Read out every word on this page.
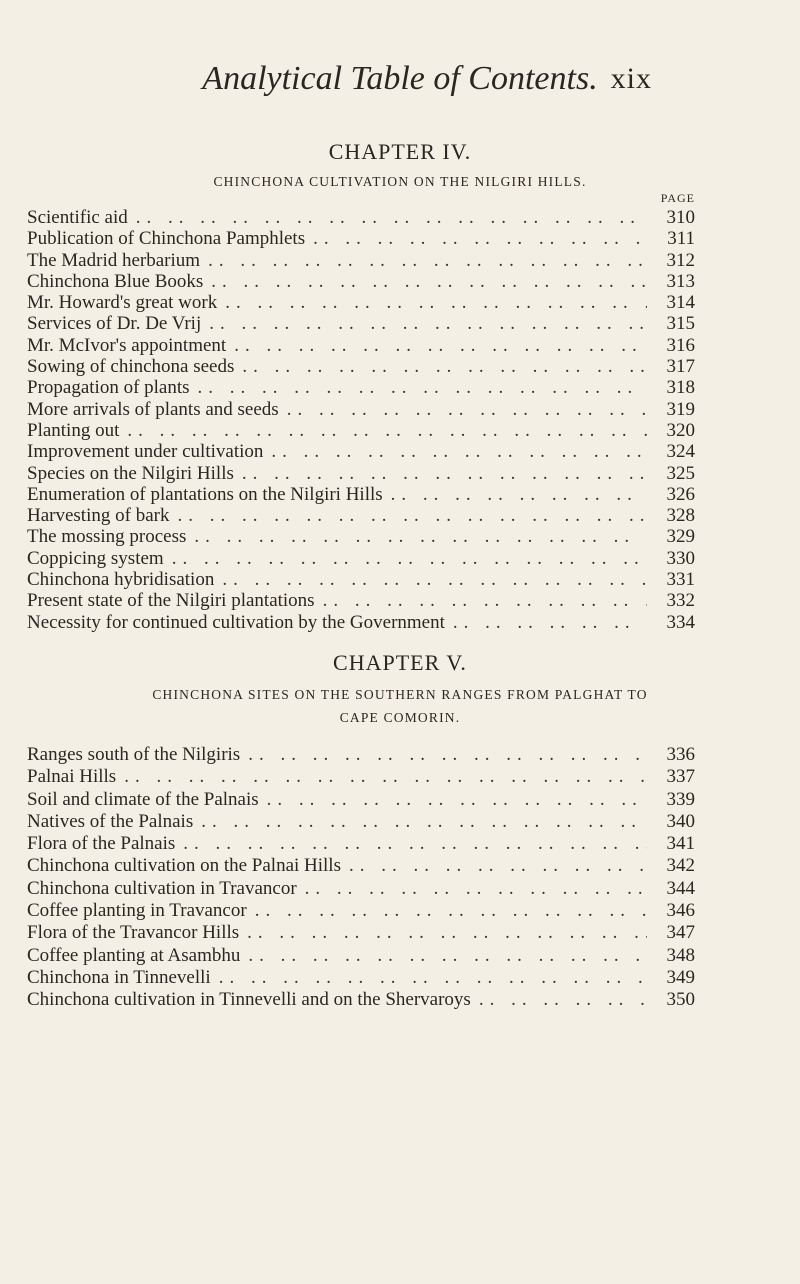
Analytical Table of Contents. xix
CHAPTER IV.
CHINCHONA CULTIVATION ON THE NILGIRI HILLS.
PAGE
Scientific aid .. ..	310
Publication of Chinchona Pamphlets .. ..	311
The Madrid herbarium .. ..	312
Chinchona Blue Books .. ..	313
Mr. Howard's great work .. ..	314
Services of Dr. De Vrij .. ..	315
Mr. McIvor's appointment .. ..	316
Sowing of chinchona seeds .. ..	317
Propagation of plants .. ..	318
More arrivals of plants and seeds .. ..	319
Planting out .. ..	320
Improvement under cultivation .. ..	324
Species on the Nilgiri Hills .. ..	325
Enumeration of plantations on the Nilgiri Hills .. ..	326
Harvesting of bark .. ..	328
The mossing process .. ..	329
Coppicing system .. ..	330
Chinchona hybridisation .. ..	331
Present state of the Nilgiri plantations .. ..	332
Necessity for continued cultivation by the Government .. ..	334
CHAPTER V.
CHINCHONA SITES ON THE SOUTHERN RANGES FROM PALGHAT TO
CAPE COMORIN.
Ranges south of the Nilgiris .. ..	336
Palnai Hills .. ..	337
Soil and climate of the Palnais .. ..	339
Natives of the Palnais .. ..	340
Flora of the Palnais .. ..	341
Chinchona cultivation on the Palnai Hills .. ..	342
Chinchona cultivation in Travancor .. ..	344
Coffee planting in Travancor .. ..	346
Flora of the Travancor Hills .. ..	347
Coffee planting at Asambhu .. ..	348
Chinchona in Tinnevelli .. ..	349
Chinchona cultivation in Tinnevelli and on the Shervaroys .. ..	350
